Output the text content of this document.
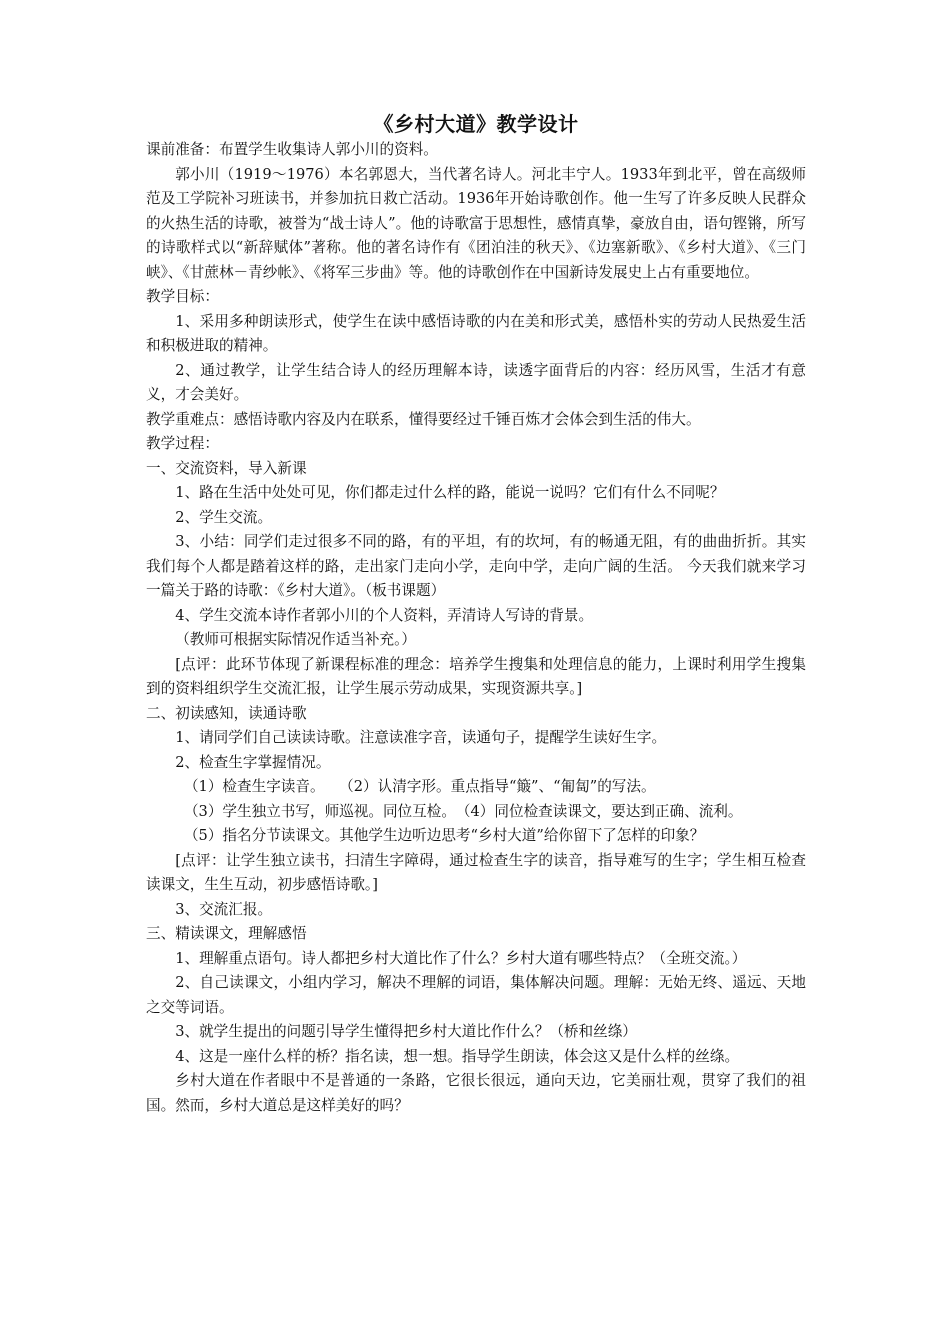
《乡村大道》教学设计

课前准备：布置学生收集诗人郭小川的资料。

郭小川（1919～1976）本名郭恩大，当代著名诗人。河北丰宁人。1933年到北平，曾在高级师范及工学院补习班读书，并参加抗日救亡活动。1936年开始诗歌创作。他一生写了许多反映人民群众的火热生活的诗歌，被誉为“战士诗人”。他的诗歌富于思想性，感情真挚，豪放自由，语句铿锵，所写的诗歌样式以“新辞赋体”著称。他的著名诗作有《团泊洼的秋天》、《边塞新歌》、《乡村大道》、《三门峡》、《甘蔗林－青纱帐》、《将军三步曲》等。他的诗歌创作在中国新诗发展史上占有重要地位。

教学目标：

1、采用多种朗读形式，使学生在读中感悟诗歌的内在美和形式美，感悟朴实的劳动人民热爱生活和积极进取的精神。

2、通过教学，让学生结合诗人的经历理解本诗，读透字面背后的内容：经历风雪，生活才有意义，才会美好。

教学重难点：感悟诗歌内容及内在联系，懂得要经过千锤百炼才会体会到生活的伟大。

教学过程：

一、交流资料，导入新课

1、路在生活中处处可见，你们都走过什么样的路，能说一说吗？它们有什么不同呢？

2、学生交流。

3、小结：同学们走过很多不同的路，有的平坦，有的坎坷，有的畅通无阻，有的曲曲折折。其实我们每个人都是踏着这样的路，走出家门走向小学，走向中学，走向广阔的生活。 今天我们就来学习一篇关于路的诗歌：《乡村大道》。（板书课题）

4、学生交流本诗作者郭小川的个人资料，弄清诗人写诗的背景。

（教师可根据实际情况作适当补充。）

[点评：此环节体现了新课程标准的理念：培养学生搜集和处理信息的能力，上课时利用学生搜集到的资料组织学生交流汇报，让学生展示劳动成果，实现资源共享。]

二、初读感知，读通诗歌

1、请同学们自己读读诗歌。注意读准字音，读通句子，提醒学生读好生字。

2、检查生字掌握情况。

（1）检查生字读音。　　（2）认清字形。重点指导“簸”、“匍匐”的写法。

（3）学生独立书写，师巡视。同位互检。　（4）同位检查读课文，要达到正确、流利。

（5）指名分节读课文。其他学生边听边思考“乡村大道”给你留下了怎样的印象？

[点评：让学生独立读书，扫清生字障碍，通过检查生字的读音，指导难写的生字；学生相互检查读课文，生生互动，初步感悟诗歌。]

3、交流汇报。

三、精读课文，理解感悟

1、理解重点语句。诗人都把乡村大道比作了什么？乡村大道有哪些特点？（全班交流。）

2、自己读课文，小组内学习，解决不理解的词语，集体解决问题。理解：无始无终、遥远、天地之交等词语。

3、就学生提出的问题引导学生懂得把乡村大道比作什么？（桥和丝绦）

4、这是一座什么样的桥？指名读，想一想。指导学生朗读，体会这又是什么样的丝绦。

乡村大道在作者眼中不是普通的一条路，它很长很远，通向天边，它美丽壮观，贯穿了我们的祖国。然而，乡村大道总是这样美好的吗？
